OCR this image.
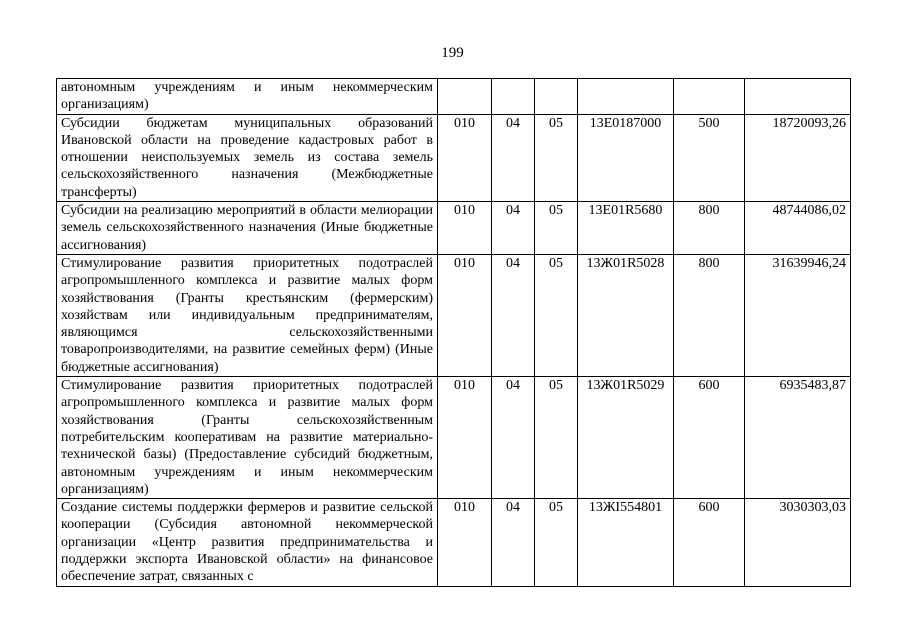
199
автономным учреждениям и иным некоммерческим организациям)						
Субсидии бюджетам муниципальных образований Ивановской области на проведение кадастровых работ в отношении неиспользуемых земель из состава земель сельскохозяйственного назначения (Межбюджетные трансферты)	010	04	05	13Е0187000	500	18720093,26
Субсидии на реализацию мероприятий в области мелиорации земель сельскохозяйственного назначения (Иные бюджетные ассигнования)	010	04	05	13Е01R5680	800	48744086,02
Стимулирование развития приоритетных подотраслей агропромышленного комплекса и развитие малых форм хозяйствования (Гранты крестьянским (фермерским) хозяйствам или индивидуальным предпринимателям, являющимся сельскохозяйственными товаропроизводителями, на развитие семейных ферм) (Иные бюджетные ассигнования)	010	04	05	13Ж01R5028	800	31639946,24
Стимулирование развития приоритетных подотраслей агропромышленного комплекса и развитие малых форм хозяйствования (Гранты сельскохозяйственным потребительским кооперативам на развитие материально-технической базы) (Предоставление субсидий бюджетным, автономным учреждениям и иным некоммерческим организациям)	010	04	05	13Ж01R5029	600	6935483,87
Создание системы поддержки фермеров и развитие сельской кооперации (Субсидия автономной некоммерческой организации «Центр развития предпринимательства и поддержки экспорта Ивановской области» на финансовое обеспечение затрат, связанных с	010	04	05	13ЖI554801	600	3030303,03
